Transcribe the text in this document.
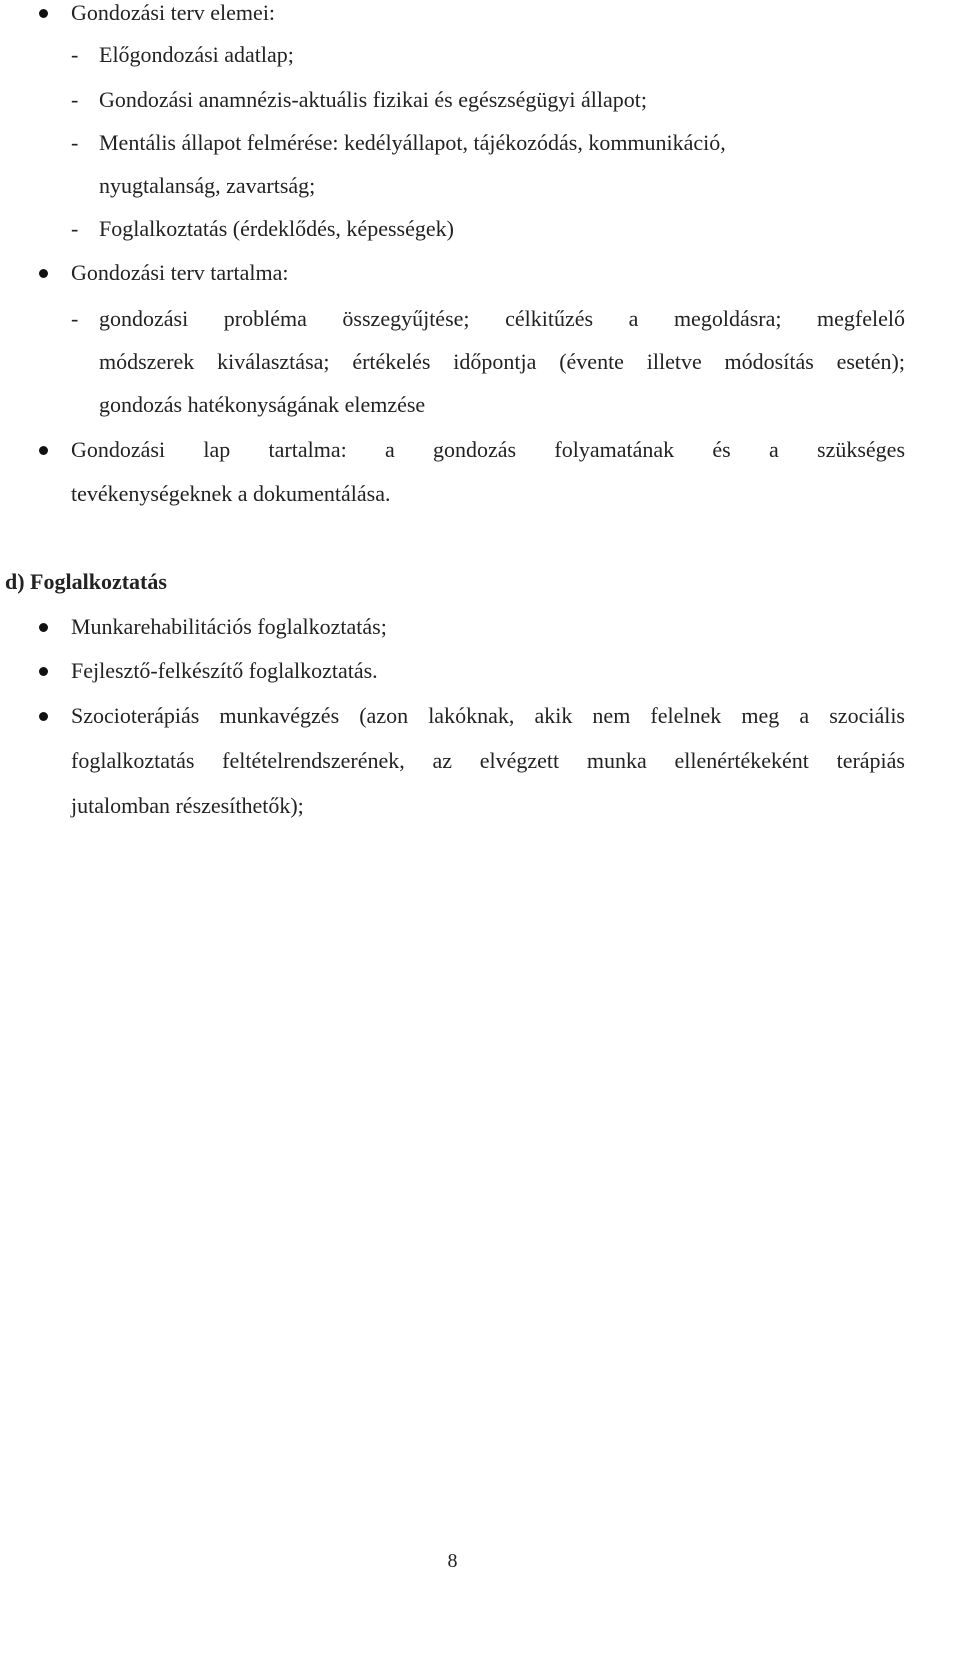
Gondozási terv elemei:
- Előgondozási adatlap;
- Gondozási anamnézis-aktuális fizikai és egészségügyi állapot;
- Mentális állapot felmérése: kedélyállapot, tájékozódás, kommunikáció,
nyugtalanság, zavartság;
- Foglalkoztatás (érdeklődés, képességek)
Gondozási terv tartalma:
- gondozási probléma összegyűjtése; célkitűzés a megoldásra; megfelelő
módszerek kiválasztása; értékelés időpontja (évente illetve módosítás esetén);
gondozás hatékonyságának elemzése
Gondozási lap tartalma: a gondozás folyamatának és a szükséges
tevékenységeknek a dokumentálása.
d) Foglalkoztatás
Munkarehabilitációs foglalkoztatás;
Fejlesztő-felkészítő foglalkoztatás.
Szocioterápiás munkavégzés (azon lakóknak, akik nem felelnek meg a szociális
foglalkoztatás feltételrendszerének, az elvégzett munka ellenértékeként terápiás
jutalomban részesíthetők);
8
